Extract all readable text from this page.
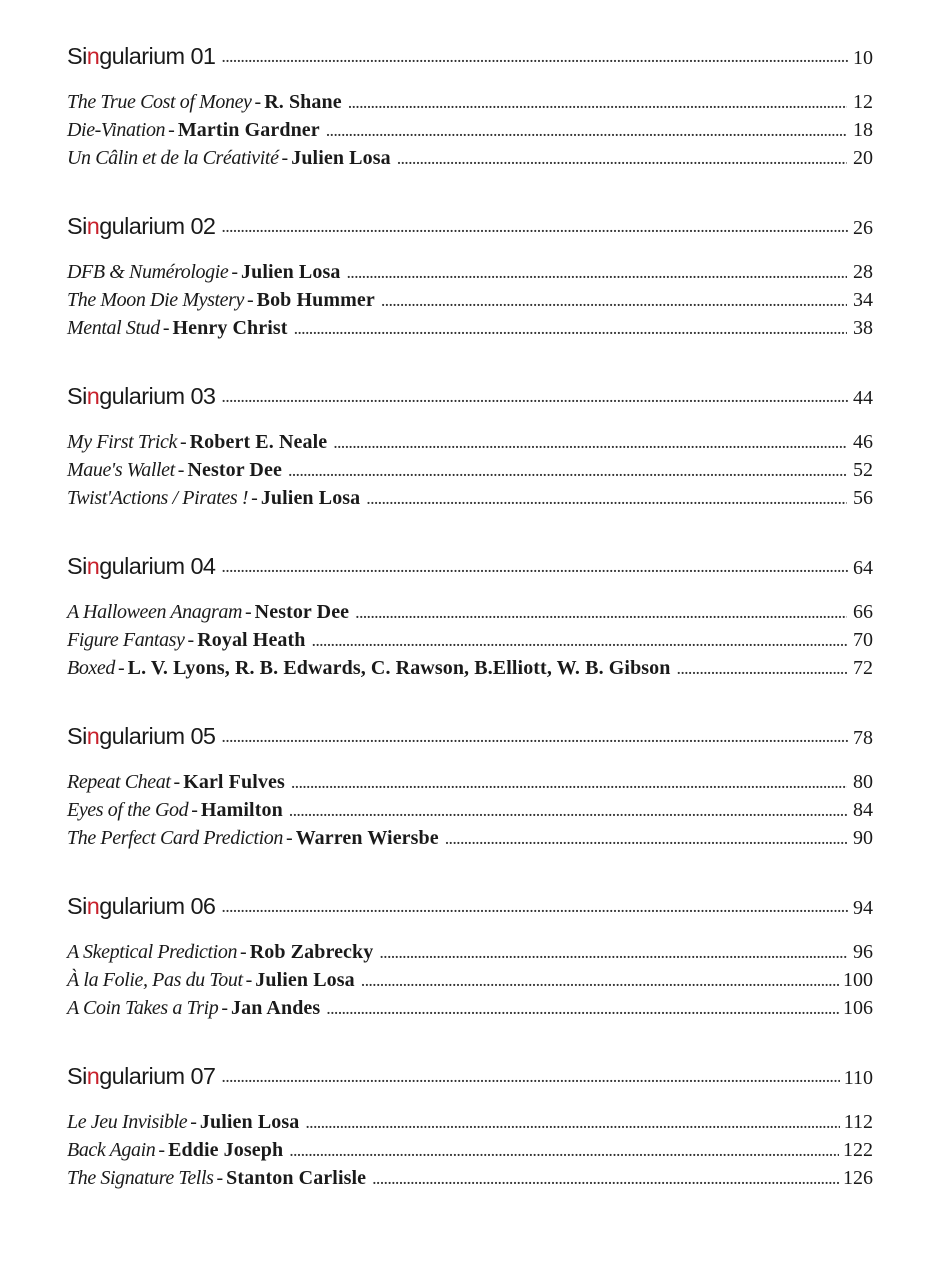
Singularium 01 . . .	10
The True Cost of Money - R. Shane . . .	12
Die-Vination - Martin Gardner . . .	18
Un Câlin et de la Créativité - Julien Losa . . .	20
Singularium 02 . . .	26
DFB & Numérologie - Julien Losa . . .	28
The Moon Die Mystery - Bob Hummer . . .	34
Mental Stud - Henry Christ . . .	38
Singularium 03 . . .	44
My First Trick - Robert E. Neale . . .	46
Maue's Wallet - Nestor Dee . . .	52
Twist'Actions / Pirates ! - Julien Losa . . .	56
Singularium 04 . . .	64
A Halloween Anagram - Nestor Dee . . .	66
Figure Fantasy - Royal Heath . . .	70
Boxed - L. V. Lyons, R. B. Edwards, C. Rawson, B.Elliott, W. B. Gibson . . .	72
Singularium 05 . . .	78
Repeat Cheat - Karl Fulves . . .	80
Eyes of the God - Hamilton . . .	84
The Perfect Card Prediction - Warren Wiersbe . . .	90
Singularium 06 . . .	94
A Skeptical Prediction - Rob Zabrecky . . .	96
À la Folie, Pas du Tout - Julien Losa . . .	100
A Coin Takes a Trip - Jan Andes . . .	106
Singularium 07 . . .	110
Le Jeu Invisible - Julien Losa . . .	112
Back Again - Eddie Joseph . . .	122
The Signature Tells - Stanton Carlisle . . .	126
